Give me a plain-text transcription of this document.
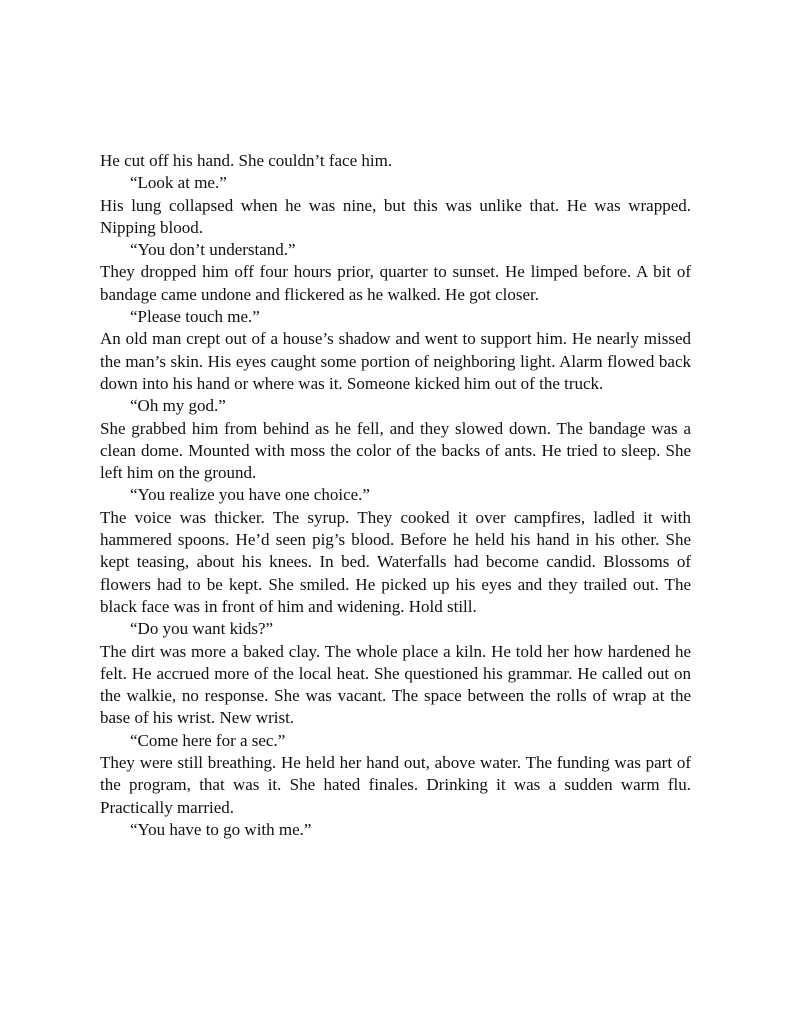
He cut off his hand. She couldn’t face him.

“Look at me.”

His lung collapsed when he was nine, but this was unlike that. He was wrapped. Nipping blood.

“You don’t understand.”

They dropped him off four hours prior, quarter to sunset. He limped before. A bit of bandage came undone and flickered as he walked. He got closer.

“Please touch me.”

An old man crept out of a house’s shadow and went to support him. He nearly missed the man’s skin. His eyes caught some portion of neighboring light. Alarm flowed back down into his hand or where was it. Someone kicked him out of the truck.

“Oh my god.”

She grabbed him from behind as he fell, and they slowed down. The bandage was a clean dome. Mounted with moss the color of the backs of ants. He tried to sleep. She left him on the ground.

“You realize you have one choice.”

The voice was thicker. The syrup. They cooked it over campfires, ladled it with hammered spoons. He’d seen pig’s blood. Before he held his hand in his other. She kept teasing, about his knees. In bed. Waterfalls had become candid. Blossoms of flowers had to be kept. She smiled. He picked up his eyes and they trailed out. The black face was in front of him and widening. Hold still.

“Do you want kids?”

The dirt was more a baked clay. The whole place a kiln. He told her how hardened he felt. He accrued more of the local heat. She questioned his grammar. He called out on the walkie, no response. She was vacant. The space between the rolls of wrap at the base of his wrist. New wrist.

“Come here for a sec.”

They were still breathing. He held her hand out, above water. The funding was part of the program, that was it. She hated finales. Drinking it was a sudden warm flu. Practically married.

“You have to go with me.”
